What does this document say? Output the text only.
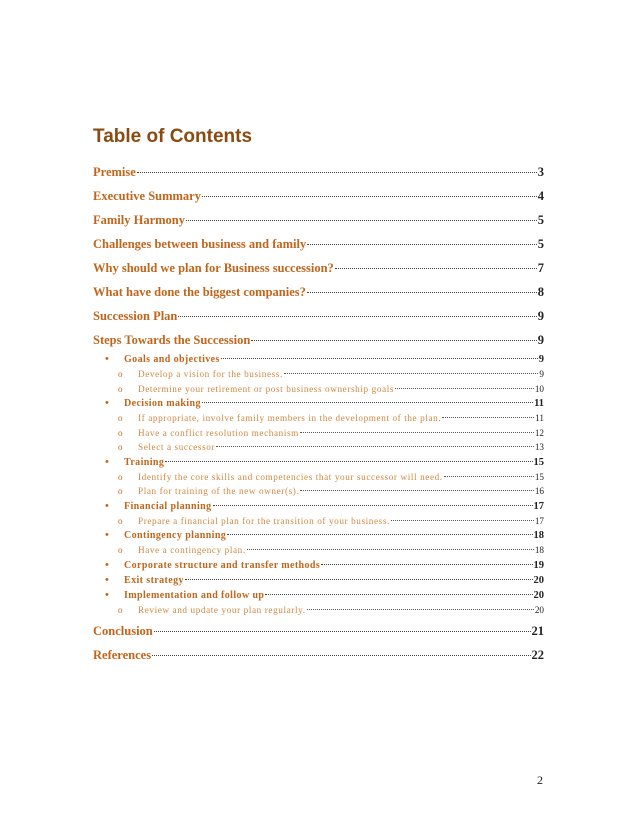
Table of Contents
Premise	3
Executive Summary	4
Family Harmony	5
Challenges between business and family	5
Why should we plan for Business succession?	7
What have done the biggest companies?	8
Succession Plan	9
Steps Towards the Succession	9
•	Goals and objectives	9
o	Develop a vision for the business.	9
o	Determine your retirement or post business ownership goals	10
•	Decision making	11
o	If appropriate, involve family members in the development of the plan.	11
o	Have a conflict resolution mechanism	12
o	Select a successor	13
•	Training	15
o	Identify the core skills and competencies that your successor will need.	15
o	Plan for training of the new owner(s).	16
•	Financial planning	17
o	Prepare a financial plan for the transition of your business.	17
•	Contingency planning	18
o	Have a contingency plan.	18
•	Corporate structure and transfer methods	19
•	Exit strategy	20
•	Implementation and follow up	20
o	Review and update your plan regularly.	20
Conclusion	21
References	22
2
